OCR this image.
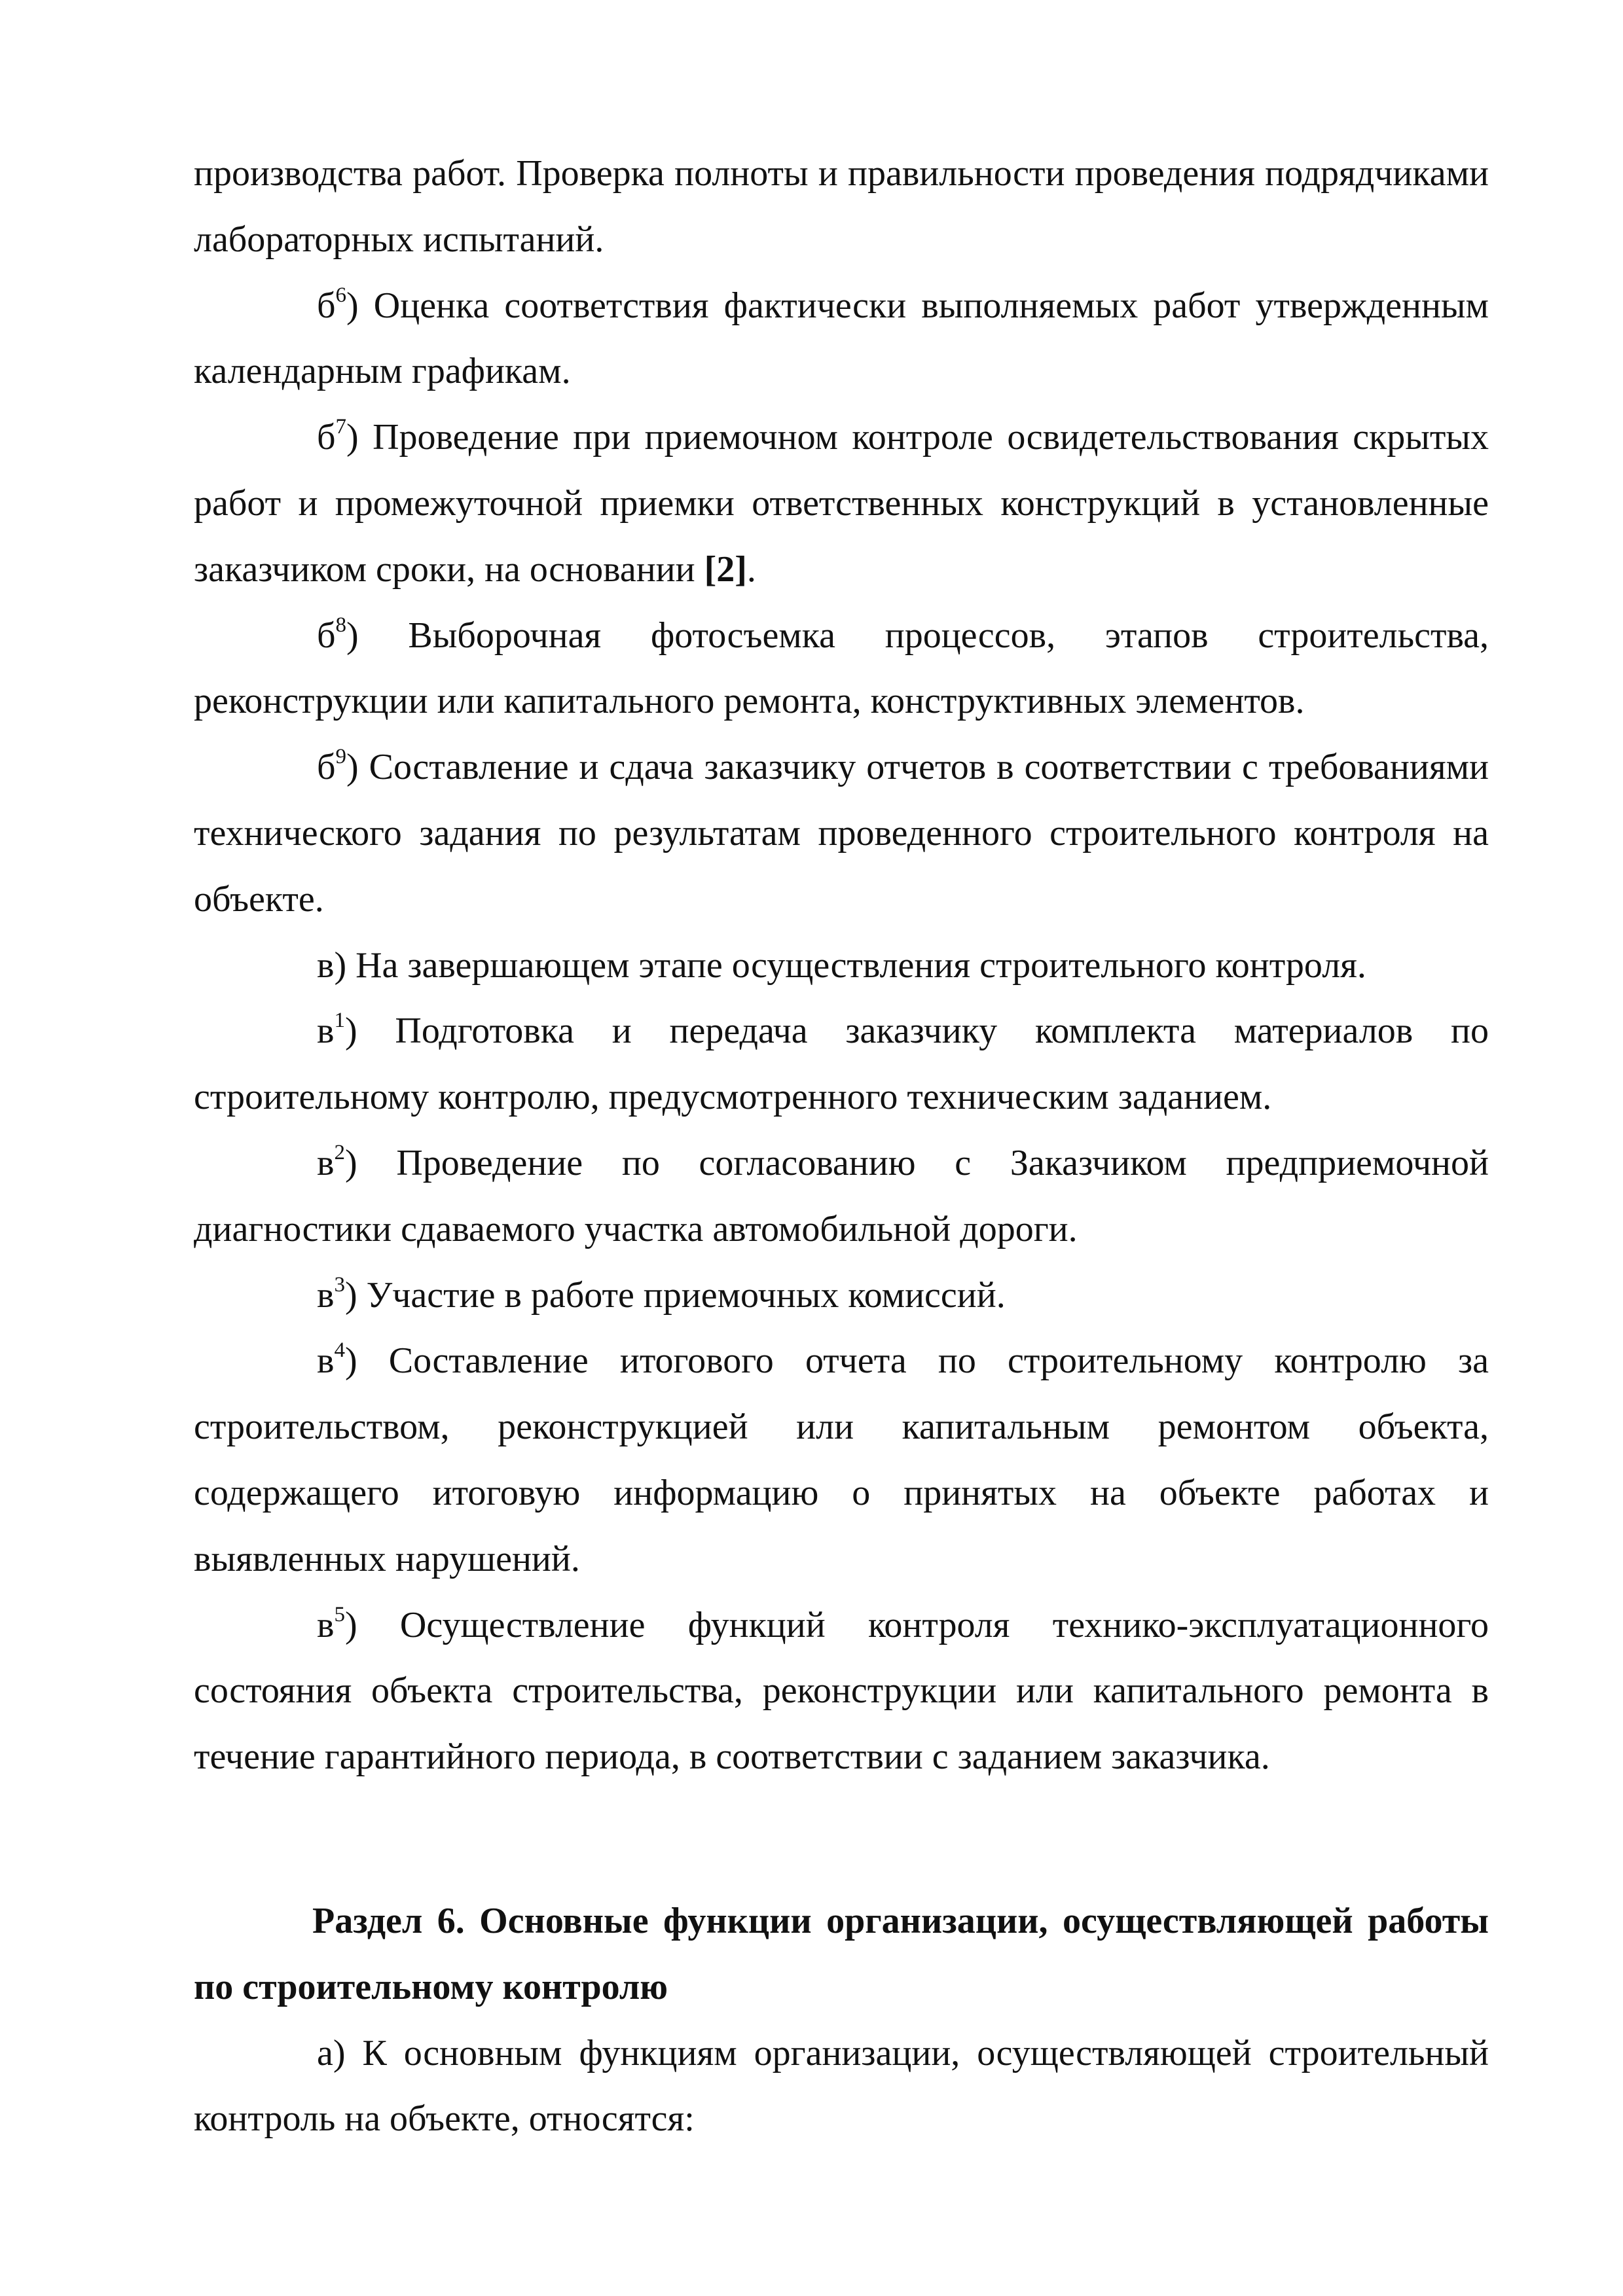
производства работ. Проверка полноты и правильности проведения подрядчиками лабораторных испытаний.

$б^6$) Оценка соответствия фактически выполняемых работ утвержденным календарным графикам.

$б^7$) Проведение при приемочном контроле освидетельствования скрытых работ и промежуточной приемки ответственных конструкций в установленные заказчиком сроки, на основании [2].

$б^8$) Выборочная фотосъемка процессов, этапов строительства, реконструкции или капитального ремонта, конструктивных элементов.

$б^9$) Составление и сдача заказчику отчетов в соответствии с требованиями технического задания по результатам проведенного строительного контроля на объекте.

в) На завершающем этапе осуществления строительного контроля.

$в^1$) Подготовка и передача заказчику комплекта материалов по строительному контролю, предусмотренного техническим заданием.

$в^2$) Проведение по согласованию с Заказчиком предприемочной диагностики сдаваемого участка автомобильной дороги.

$в^3$) Участие в работе приемочных комиссий.

$в^4$) Составление итогового отчета по строительному контролю за строительством, реконструкцией или капитальным ремонтом объекта, содержащего итоговую информацию о принятых на объекте работах и выявленных нарушений.

$в^5$) Осуществление функций контроля технико-эксплуатационного состояния объекта строительства, реконструкции или капитального ремонта в течение гарантийного периода, в соответствии с заданием заказчика.

Раздел 6. Основные функции организации, осуществляющей работы по строительному контролю

а) К основным функциям организации, осуществляющей строительный контроль на объекте, относятся:
